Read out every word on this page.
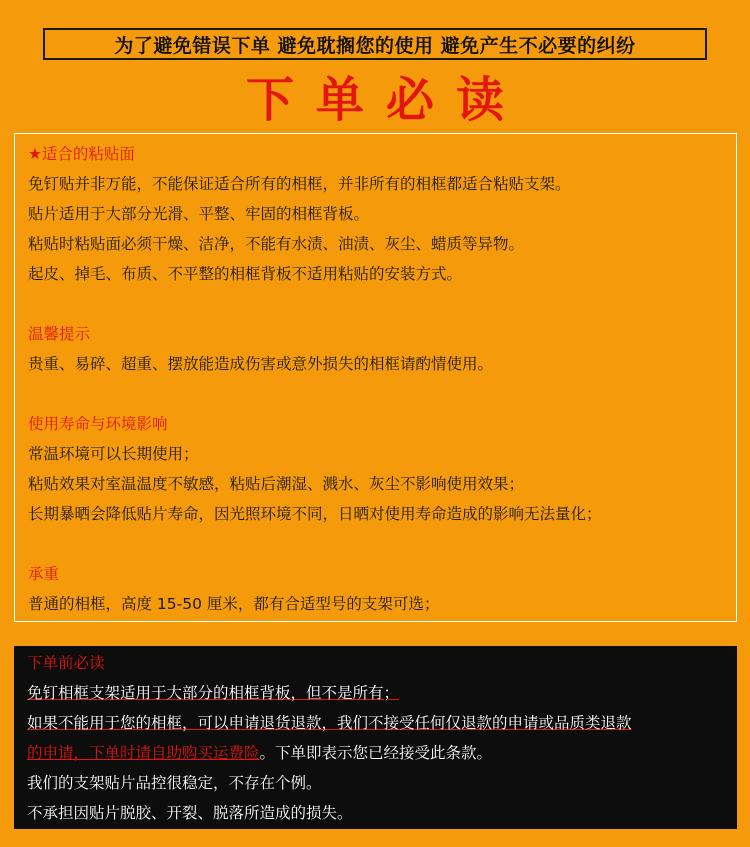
为了避免错误下单 避免耽搁您的使用 避免产生不必要的纠纷
下单必读
★适合的粘贴面
免钉贴并非万能，不能保证适合所有的相框，并非所有的相框都适合粘贴支架。
贴片适用于大部分光滑、平整、牢固的相框背板。
粘贴时粘贴面必须干燥、洁净，不能有水渍、油渍、灰尘、蜡质等异物。
起皮、掉毛、布质、不平整的相框背板不适用粘贴的安装方式。
温馨提示
贵重、易碎、超重、摆放能造成伤害或意外损失的相框请酌情使用。
使用寿命与环境影响
常温环境可以长期使用；
粘贴效果对室温温度不敏感，粘贴后潮湿、溅水、灰尘不影响使用效果；
长期暴晒会降低贴片寿命，因光照环境不同，日晒对使用寿命造成的影响无法量化；
承重
普通的相框，高度 15-50 厘米，都有合适型号的支架可选；
下单前必读
免钉相框支架适用于大部分的相框背板，但不是所有；
如果不能用于您的相框，可以申请退货退款，我们不接受任何仅退款的申请或品质类退款
的申请，下单时请自助购买运费险。下单即表示您已经接受此条款。
我们的支架贴片品控很稳定，不存在个例。
不承担因贴片脱胶、开裂、脱落所造成的损失。
